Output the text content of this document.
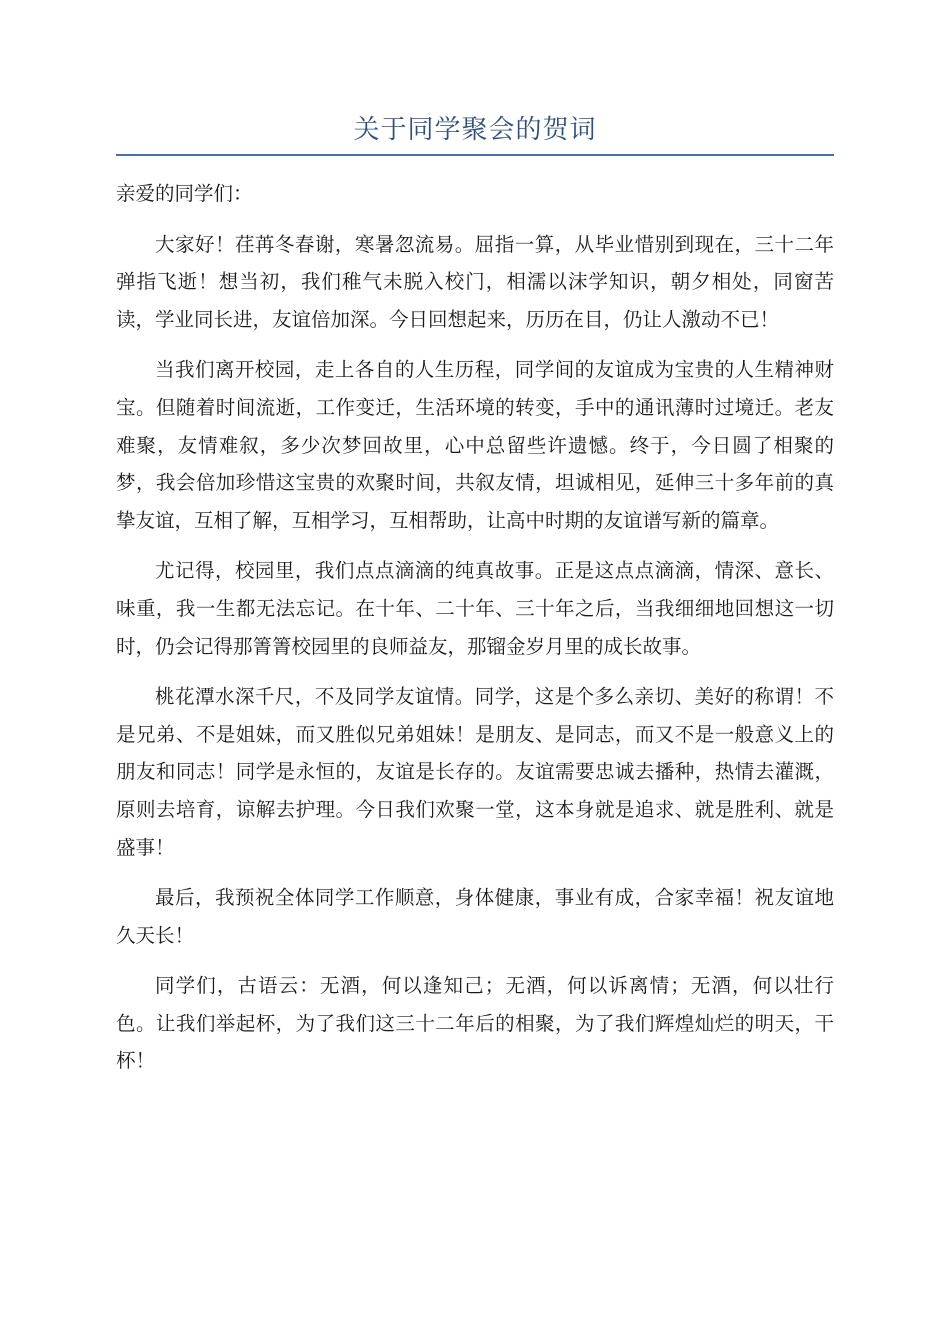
关于同学聚会的贺词

亲爱的同学们：

大家好！荏苒冬春谢，寒暑忽流易。屈指一算，从毕业惜别到现在，三十二年弹指飞逝！想当初，我们稚气未脱入校门，相濡以沫学知识，朝夕相处，同窗苦读，学业同长进，友谊倍加深。今日回想起来，历历在目，仍让人激动不已！

当我们离开校园，走上各自的人生历程，同学间的友谊成为宝贵的人生精神财宝。但随着时间流逝，工作变迁，生活环境的转变，手中的通讯薄时过境迁。老友难聚，友情难叙，多少次梦回故里，心中总留些许遗憾。终于，今日圆了相聚的梦，我会倍加珍惜这宝贵的欢聚时间，共叙友情，坦诚相见，延伸三十多年前的真挚友谊，互相了解，互相学习，互相帮助，让高中时期的友谊谱写新的篇章。

尤记得，校园里，我们点点滴滴的纯真故事。正是这点点滴滴，情深、意长、味重，我一生都无法忘记。在十年、二十年、三十年之后，当我细细地回想这一切时，仍会记得那箐箐校园里的良师益友，那镏金岁月里的成长故事。

桃花潭水深千尺，不及同学友谊情。同学，这是个多么亲切、美好的称谓！不是兄弟、不是姐妹，而又胜似兄弟姐妹！是朋友、是同志，而又不是一般意义上的朋友和同志！同学是永恒的，友谊是长存的。友谊需要忠诚去播种，热情去灌溉，原则去培育，谅解去护理。今日我们欢聚一堂，这本身就是追求、就是胜利、就是盛事！

最后，我预祝全体同学工作顺意，身体健康，事业有成，合家幸福！祝友谊地久天长！

同学们，古语云：无酒，何以逢知己；无酒，何以诉离情；无酒，何以壮行色。让我们举起杯，为了我们这三十二年后的相聚，为了我们辉煌灿烂的明天，干杯！
